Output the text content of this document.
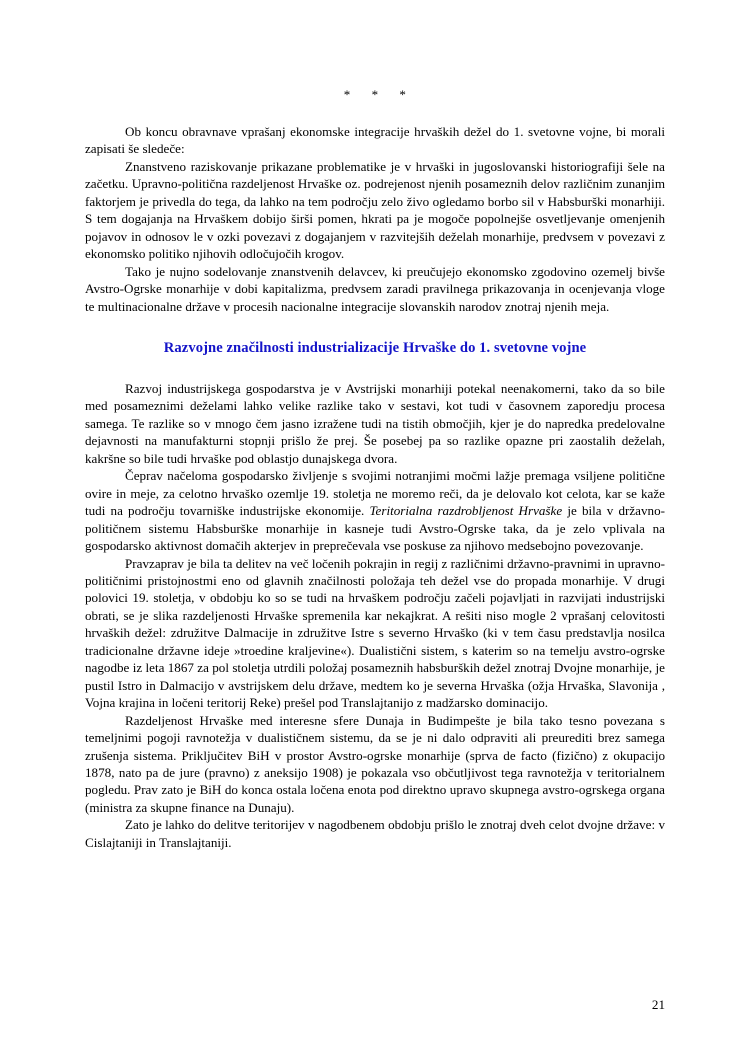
*      *      *

Ob koncu obravnave vprašanj ekonomske integracije hrvaških dežel do 1. svetovne vojne, bi morali zapisati še sledeče:

Znanstveno raziskovanje prikazane problematike je v hrvaški in jugoslovanski historiografiji šele na začetku. Upravno-politična razdeljenost Hrvaške oz. podrejenost njenih posameznih delov različnim zunanjim faktorjem je privedla do tega, da lahko na tem področju zelo živo ogledamo borbo sil v Habsburški monarhiji. S tem dogajanja na Hrvaškem dobijo širši pomen, hkrati pa je mogoče popolnejše osvetljevanje omenjenih pojavov in odnosov le v ozki povezavi z dogajanjem v razvitejših deželah monarhije, predvsem v povezavi z ekonomsko politiko njihovih odločujočih krogov.

Tako je nujno sodelovanje znanstvenih delavcev, ki preučujejo ekonomsko zgodovino ozemelj bivše Avstro-Ogrske monarhije v dobi kapitalizma, predvsem zaradi pravilnega prikazovanja in ocenjevanja vloge te multinacionalne države v procesih nacionalne integracije slovanskih narodov znotraj njenih meja.

Razvojne značilnosti industrializacije Hrvaške do 1. svetovne vojne

Razvoj industrijskega gospodarstva je v Avstrijski monarhiji potekal neenakomerni, tako da so bile med posameznimi deželami lahko velike razlike tako v sestavi, kot tudi v časovnem zaporedju procesa samega. Te razlike so v mnogo čem jasno izražene tudi na tistih območjih, kjer je do napredka predelovalne dejavnosti na manufakturni stopnji prišlo že prej. Še posebej pa so razlike opazne pri zaostalih deželah, kakršne so bile tudi hrvaške pod oblastjo dunajskega dvora.

Čeprav načeloma gospodarsko življenje s svojimi notranjimi močmi lažje premaga vsiljene politične ovire in meje, za celotno hrvaško ozemlje 19. stoletja ne moremo reči, da je delovalo kot celota, kar se kaže tudi na področju tovarniške industrijske ekonomije. Teritorialna razdrobljenost Hrvaške je bila v državno-političnem sistemu Habsburške monarhije in kasneje tudi Avstro-Ogrske taka, da je zelo vplivala na gospodarsko aktivnost domačih akterjev in preprečevala vse poskuse za njihovo medsebojno povezovanje.

Pravzaprav je bila ta delitev na več ločenih pokrajin in regij z različnimi državno-pravnimi in upravno-političnimi pristojnostmi eno od glavnih značilnosti položaja teh dežel vse do propada monarhije. V drugi polovici 19. stoletja, v obdobju ko so se tudi na hrvaškem področju začeli pojavljati in razvijati industrijski obrati, se je slika razdeljenosti Hrvaške spremenila kar nekajkrat. A rešiti niso mogle 2 vprašanj celovitosti hrvaških dežel: združitve Dalmacije in združitve Istre s severno Hrvaško (ki v tem času predstavlja nosilca tradicionalne državne ideje »troedine kraljevine«). Dualistični sistem, s katerim so na temelju avstro-ogrske nagodbe iz leta 1867 za pol stoletja utrdili položaj posameznih habsburških dežel znotraj Dvojne monarhije, je pustil Istro in Dalmacijo v avstrijskem delu države, medtem ko je severna Hrvaška (ožja Hrvaška, Slavonija , Vojna krajina in ločeni teritorij Reke) prešel pod Translajtanijo z madžarsko dominacijo.

Razdeljenost Hrvaške med interesne sfere Dunaja in Budimpešte je bila tako tesno povezana s temeljnimi pogoji ravnotežja v dualističnem sistemu, da se je ni dalo odpraviti ali preurediti brez samega zrušenja sistema. Priključitev BiH v prostor Avstro-ogrske monarhije (sprva de facto (fizično) z okupacijo 1878, nato pa de jure (pravno) z aneksijo 1908) je pokazala vso občutljivost tega ravnotežja v teritorialnem pogledu. Prav zato je BiH do konca ostala ločena enota pod direktno upravo skupnega avstro-ogrskega organa (ministra za skupne finance na Dunaju).

Zato je lahko do delitve teritorijev v nagodbenem obdobju prišlo le znotraj dveh celot dvojne države: v Cislajtaniji in Translajtaniji.

21
